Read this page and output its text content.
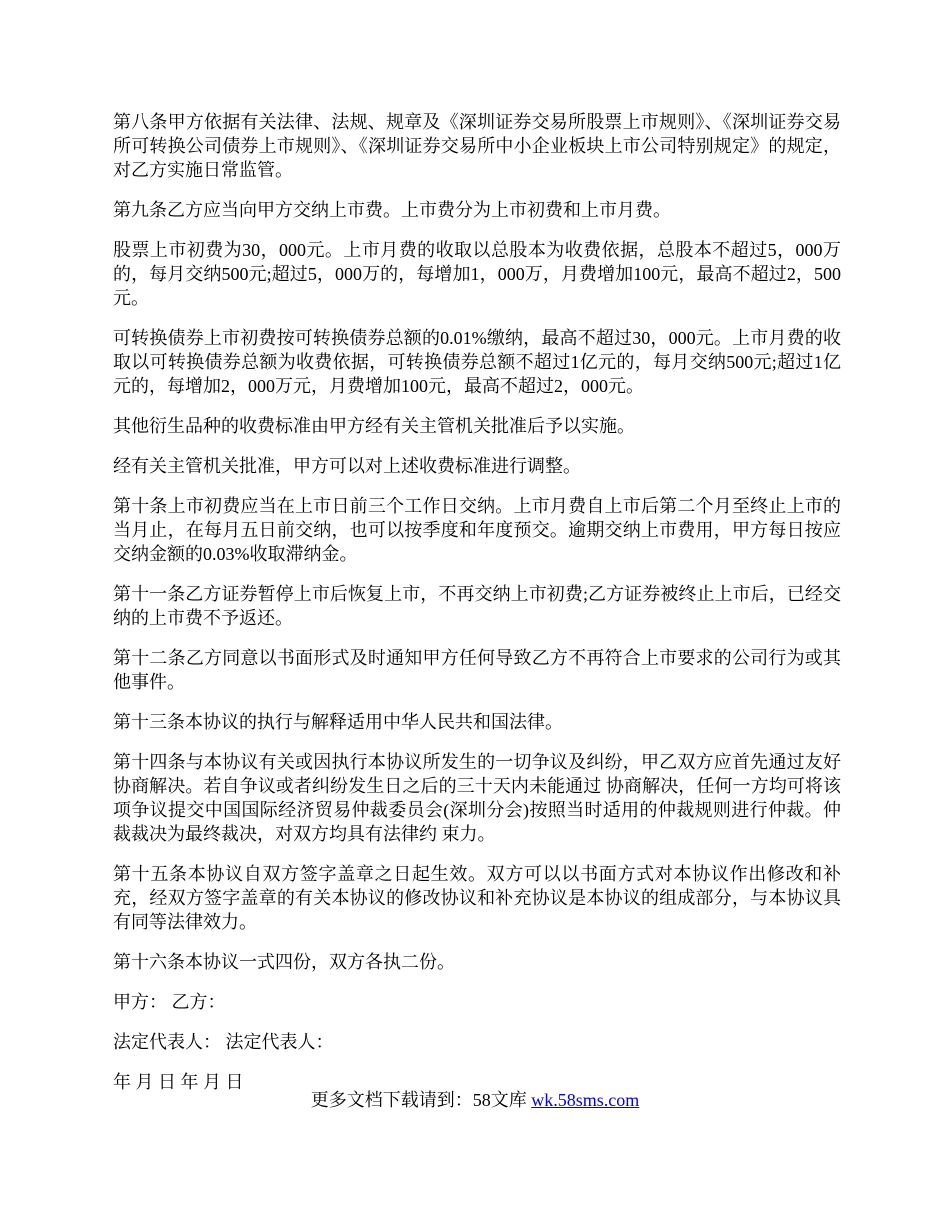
第八条甲方依据有关法律、法规、规章及《深圳证券交易所股票上市规则》、《深圳证券交易所可转换公司债券上市规则》、《深圳证券交易所中小企业板块上市公司特别规定》的规定，对乙方实施日常监管。

第九条乙方应当向甲方交纳上市费。上市费分为上市初费和上市月费。

股票上市初费为30，000元。上市月费的收取以总股本为收费依据，总股本不超过5，000万的，每月交纳500元;超过5，000万的，每增加1，000万，月费增加100元，最高不超过2，500元。

可转换债券上市初费按可转换债券总额的0.01%缴纳，最高不超过30，000元。上市月费的收取以可转换债券总额为收费依据，可转换债券总额不超过1亿元的，每月交纳500元;超过1亿元的，每增加2，000万元，月费增加100元，最高不超过2，000元。

其他衍生品种的收费标准由甲方经有关主管机关批准后予以实施。

经有关主管机关批准，甲方可以对上述收费标准进行调整。

第十条上市初费应当在上市日前三个工作日交纳。上市月费自上市后第二个月至终止上市的当月止，在每月五日前交纳，也可以按季度和年度预交。逾期交纳上市费用，甲方每日按应交纳金额的0.03%收取滞纳金。

第十一条乙方证券暂停上市后恢复上市，不再交纳上市初费;乙方证券被终止上市后，已经交纳的上市费不予返还。

第十二条乙方同意以书面形式及时通知甲方任何导致乙方不再符合上市要求的公司行为或其他事件。

第十三条本协议的执行与解释适用中华人民共和国法律。

第十四条与本协议有关或因执行本协议所发生的一切争议及纠纷，甲乙双方应首先通过友好协商解决。若自争议或者纠纷发生日之后的三十天内未能通过 协商解决，任何一方均可将该项争议提交中国国际经济贸易仲裁委员会(深圳分会)按照当时适用的仲裁规则进行仲裁。仲裁裁决为最终裁决，对双方均具有法律约 束力。

第十五条本协议自双方签字盖章之日起生效。双方可以以书面方式对本协议作出修改和补充，经双方签字盖章的有关本协议的修改协议和补充协议是本协议的组成部分，与本协议具有同等法律效力。

第十六条本协议一式四份，双方各执二份。

甲方： 乙方：

法定代表人： 法定代表人：

年 月 日 年 月 日

更多文档下载请到：58文库 wk.58sms.com
